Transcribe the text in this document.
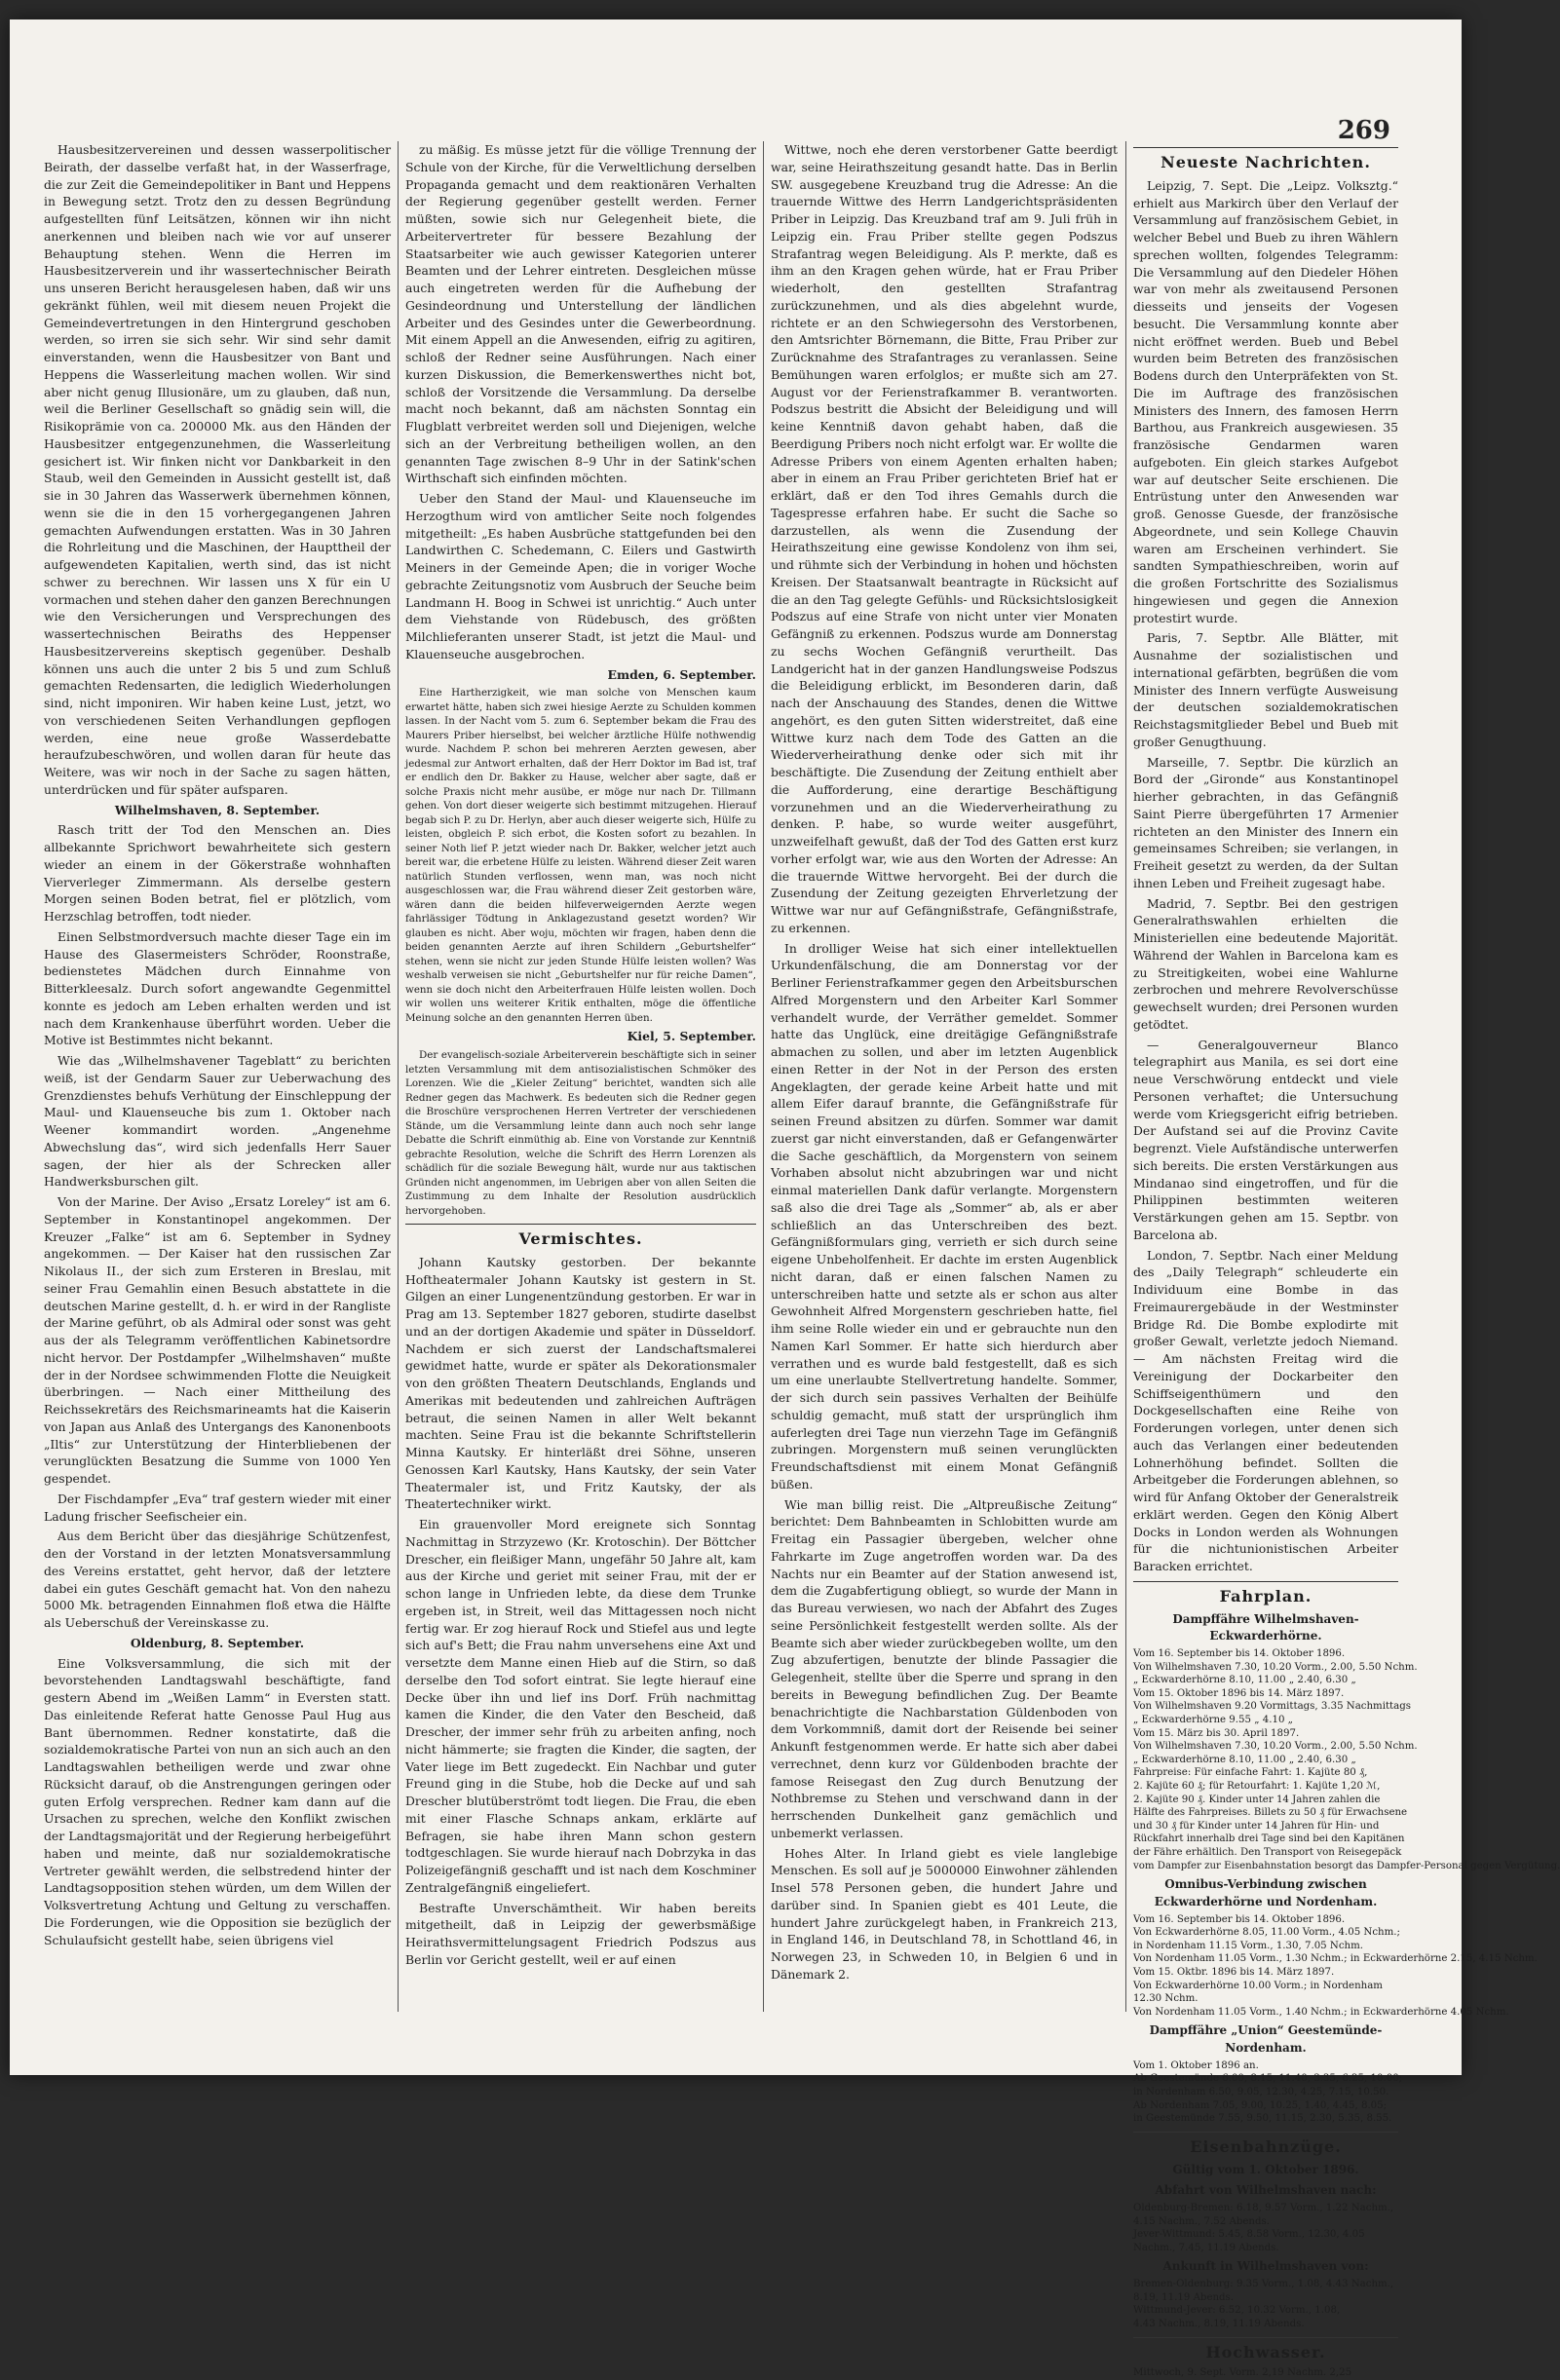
269

Hausbesitzervereinen und dessen wasserpolitischer Beirath, der dasselbe verfaßt hat, in der Wasserfrage, die zur Zeit die Gemeindepolitiker in Bant und Heppens in Bewegung setzt. Trotz den zu dessen Begründung aufgestellten fünf Leitsätzen, können wir ihn nicht anerkennen und bleiben nach wie vor auf unserer Behauptung stehen. Wenn die Herren im Hausbesitzerverein und ihr wassertechnischer Beirath uns unseren Bericht herausgelesen haben, daß wir uns gekränkt fühlen, weil mit diesem neuen Projekt die Gemeindevertretungen in den Hintergrund geschoben werden, so irren sie sich sehr. Wir sind sehr damit einverstanden, wenn die Hausbesitzer von Bant und Heppens die Wasserleitung machen wollen. Wir sind aber nicht genug Illusionäre, um zu glauben, daß nun, weil die Berliner Gesellschaft so gnädig sein will, die Risikoprämie von ca. 200000 Mk. aus den Händen der Hausbesitzer entgegenzunehmen, die Wasserleitung gesichert ist. Wir finken nicht vor Dankbarkeit in den Staub, weil den Gemeinden in Aussicht gestellt ist, daß sie in 30 Jahren das Wasserwerk übernehmen können, wenn sie die in den 15 vorhergegangenen Jahren gemachten Aufwendungen erstatten. Was in 30 Jahren die Rohrleitung und die Maschinen, der Haupttheil der aufgewendeten Kapitalien, werth sind, das ist nicht schwer zu berechnen. Wir lassen uns X für ein U vormachen und stehen daher den ganzen Berechnungen wie den Versicherungen und Versprechungen des wassertechnischen Beiraths des Heppenser Hausbesitzervereins skeptisch gegenüber. Deshalb können uns auch die unter 2 bis 5 und zum Schluß gemachten Redensarten, die lediglich Wiederholungen sind, nicht imponiren. Wir haben keine Lust, jetzt, wo von verschiedenen Seiten Verhandlungen gepflogen werden, eine neue große Wasserdebatte heraufzubeschwören, und wollen daran für heute das Weitere, was wir noch in der Sache zu sagen hätten, unterdrücken und für später aufsparen.

Wilhelmshaven, 8. September.

Rasch tritt der Tod den Menschen an. Dies allbekannte Sprichwort bewahrheitete sich gestern wieder an einem in der Gökerstraße wohnhaften Vierverleger Zimmermann. Als derselbe gestern Morgen seinen Boden betrat, fiel er plötzlich, vom Herzschlag betroffen, todt nieder.

Einen Selbstmordversuch machte dieser Tage ein im Hause des Glasermeisters Schröder, Roonstraße, bedienstetes Mädchen durch Einnahme von Bitterkleesalz. Durch sofort angewandte Gegenmittel konnte es jedoch am Leben erhalten werden und ist nach dem Krankenhause überführt worden. Ueber die Motive ist Bestimmtes nicht bekannt.

Wie das „Wilhelmshavener Tageblatt“ zu berichten weiß, ist der Gendarm Sauer zur Ueberwachung des Grenzdienstes behufs Verhütung der Einschleppung der Maul- und Klauenseuche bis zum 1. Oktober nach Weener kommandirt worden. „Angenehme Abwechslung das“, wird sich jedenfalls Herr Sauer sagen, der hier als der Schrecken aller Handwerksburschen gilt.

Von der Marine. Der Aviso „Ersatz Loreley“ ist am 6. September in Konstantinopel angekommen. Der Kreuzer „Falke“ ist am 6. September in Sydney angekommen. — Der Kaiser hat den russischen Zar Nikolaus II., der sich zum Ersteren in Breslau, mit seiner Frau Gemahlin einen Besuch abstattete in die deutschen Marine gestellt, d. h. er wird in der Rangliste der Marine geführt, ob als Admiral oder sonst was geht aus der als Telegramm veröffentlichen Kabinetsordre nicht hervor. Der Postdampfer „Wilhelmshaven“ mußte der in der Nordsee schwimmenden Flotte die Neuigkeit überbringen. — Nach einer Mittheilung des Reichssekretärs des Reichsmarineamts hat die Kaiserin von Japan aus Anlaß des Untergangs des Kanonenboots „Iltis“ zur Unterstützung der Hinterbliebenen der verunglückten Besatzung die Summe von 1000 Yen gespendet.

Der Fischdampfer „Eva“ traf gestern wieder mit einer Ladung frischer Seefischeier ein.

Aus dem Bericht über das diesjährige Schützenfest, den der Vorstand in der letzten Monatsversammlung des Vereins erstattet, geht hervor, daß der letztere dabei ein gutes Geschäft gemacht hat. Von den nahezu 5000 Mk. betragenden Einnahmen floß etwa die Hälfte als Ueberschuß der Vereinskasse zu.

Oldenburg, 8. September.

Eine Volksversammlung, die sich mit der bevorstehenden Landtagswahl beschäftigte, fand gestern Abend im „Weißen Lamm“ in Eversten statt. Das einleitende Referat hatte Genosse Paul Hug aus Bant übernommen. Redner konstatirte, daß die sozialdemokratische Partei von nun an sich auch an den Landtagswahlen betheiligen werde und zwar ohne Rücksicht darauf, ob die Anstrengungen geringen oder guten Erfolg versprechen. Redner kam dann auf die Ursachen zu sprechen, welche den Konflikt zwischen der Landtagsmajorität und der Regierung herbeigeführt haben und meinte, daß nur sozialdemokratische Vertreter gewählt werden, die selbstredend hinter der Landtagsopposition stehen würden, um dem Willen der Volksvertretung Achtung und Geltung zu verschaffen. Die Forderungen, wie die Opposition sie bezüglich der Schulaufsicht gestellt habe, seien übrigens viel

zu mäßig. Es müsse jetzt für die völlige Trennung der Schule von der Kirche, für die Verweltlichung derselben Propaganda gemacht und dem reaktionären Verhalten der Regierung gegenüber gestellt werden. Ferner müßten, sowie sich nur Gelegenheit biete, die Arbeitervertreter für bessere Bezahlung der Staatsarbeiter wie auch gewisser Kategorien unterer Beamten und der Lehrer eintreten. Desgleichen müsse auch eingetreten werden für die Aufhebung der Gesindeordnung und Unterstellung der ländlichen Arbeiter und des Gesindes unter die Gewerbeordnung. Mit einem Appell an die Anwesenden, eifrig zu agitiren, schloß der Redner seine Ausführungen. Nach einer kurzen Diskussion, die Bemerkenswerthes nicht bot, schloß der Vorsitzende die Versammlung. Da derselbe macht noch bekannt, daß am nächsten Sonntag ein Flugblatt verbreitet werden soll und Diejenigen, welche sich an der Verbreitung betheiligen wollen, an den genannten Tage zwischen 8–9 Uhr in der Satink'schen Wirthschaft sich einfinden möchten.

Ueber den Stand der Maul- und Klauenseuche im Herzogthum wird von amtlicher Seite noch folgendes mitgetheilt: „Es haben Ausbrüche stattgefunden bei den Landwirthen C. Schedemann, C. Eilers und Gastwirth Meiners in der Gemeinde Apen; die in voriger Woche gebrachte Zeitungsnotiz vom Ausbruch der Seuche beim Landmann H. Boog in Schwei ist unrichtig.“ Auch unter dem Viehstande von Rüdebusch, des größten Milchlieferanten unserer Stadt, ist jetzt die Maul- und Klauenseuche ausgebrochen.

Emden, 6. September.

Eine Hartherzigkeit, wie man solche von Menschen kaum erwartet hätte, haben sich zwei hiesige Aerzte zu Schulden kommen lassen. In der Nacht vom 5. zum 6. September bekam die Frau des Maurers Priber hierselbst, bei welcher ärztliche Hülfe nothwendig wurde. Nachdem P. schon bei mehreren Aerzten gewesen, aber jedesmal zur Antwort erhalten, daß der Herr Doktor im Bad ist, traf er endlich den Dr. Bakker zu Hause, welcher aber sagte, daß er solche Praxis nicht mehr ausübe, er möge nur nach Dr. Tillmann gehen. Von dort dieser weigerte sich bestimmt mitzugehen. Hierauf begab sich P. zu Dr. Herlyn, aber auch dieser weigerte sich, Hülfe zu leisten, obgleich P. sich erbot, die Kosten sofort zu bezahlen. In seiner Noth lief P. jetzt wieder nach Dr. Bakker, welcher jetzt auch bereit war, die erbetene Hülfe zu leisten. Während dieser Zeit waren natürlich Stunden verflossen, wenn man, was noch nicht ausgeschlossen war, die Frau während dieser Zeit gestorben wäre, wären dann die beiden hilfeverweigernden Aerzte wegen fahrlässiger Tödtung in Anklagezustand gesetzt worden? Wir glauben es nicht. Aber woju, möchten wir fragen, haben denn die beiden genannten Aerzte auf ihren Schildern „Geburtshelfer“ stehen, wenn sie nicht zur jeden Stunde Hülfe leisten wollen? Was weshalb verweisen sie nicht „Geburtshelfer nur für reiche Damen“, wenn sie doch nicht den Arbeiterfrauen Hülfe leisten wollen. Doch wir wollen uns weiterer Kritik enthalten, möge die öffentliche Meinung solche an den genannten Herren üben.

Kiel, 5. September.

Der evangelisch-soziale Arbeiterverein beschäftigte sich in seiner letzten Versammlung mit dem antisozialistischen Schmöker des Lorenzen. Wie die „Kieler Zeitung“ berichtet, wandten sich alle Redner gegen das Machwerk. Es bedeuten sich die Redner gegen die Broschüre versprochenen Herren Vertreter der verschiedenen Stände, um die Versammlung leinte dann auch noch sehr lange Debatte die Schrift einmüthig ab. Eine von Vorstande zur Kenntniß gebrachte Resolution, welche die Schrift des Herrn Lorenzen als schädlich für die soziale Bewegung hält, wurde nur aus taktischen Gründen nicht angenommen, im Uebrigen aber von allen Seiten die Zustimmung zu dem Inhalte der Resolution ausdrücklich hervorgehoben.

Vermischtes.

Johann Kautsky gestorben. Der bekannte Hoftheatermaler Johann Kautsky ist gestern in St. Gilgen an einer Lungenentzündung gestorben. Er war in Prag am 13. September 1827 geboren, studirte daselbst und an der dortigen Akademie und später in Düsseldorf. Nachdem er sich zuerst der Landschaftsmalerei gewidmet hatte, wurde er später als Dekorationsmaler von den größten Theatern Deutschlands, Englands und Amerikas mit bedeutenden und zahlreichen Aufträgen betraut, die seinen Namen in aller Welt bekannt machten. Seine Frau ist die bekannte Schriftstellerin Minna Kautsky. Er hinterläßt drei Söhne, unseren Genossen Karl Kautsky, Hans Kautsky, der sein Vater Theatermaler ist, und Fritz Kautsky, der als Theatertechniker wirkt.

Ein grauenvoller Mord ereignete sich Sonntag Nachmittag in Strzyzewo (Kr. Krotoschin). Der Böttcher Drescher, ein fleißiger Mann, ungefähr 50 Jahre alt, kam aus der Kirche und geriet mit seiner Frau, mit der er schon lange in Unfrieden lebte, da diese dem Trunke ergeben ist, in Streit, weil das Mittagessen noch nicht fertig war. Er zog hierauf Rock und Stiefel aus und legte sich auf's Bett; die Frau nahm unversehens eine Axt und versetzte dem Manne einen Hieb auf die Stirn, so daß derselbe den Tod sofort eintrat. Sie legte hierauf eine Decke über ihn und lief ins Dorf. Früh nachmittag kamen die Kinder, die den Vater den Bescheid, daß Drescher, der immer sehr früh zu arbeiten anfing, noch nicht hämmerte; sie fragten die Kinder, die sagten, der Vater liege im Bett zugedeckt. Ein Nachbar und guter Freund ging in die Stube, hob die Decke auf und sah Drescher blutüberströmt todt liegen. Die Frau, die eben mit einer Flasche Schnaps ankam, erklärte auf Befragen, sie habe ihren Mann schon gestern todtgeschlagen. Sie wurde hierauf nach Dobrzyka in das Polizeigefängniß geschafft und ist nach dem Koschminer Zentralgefängniß eingeliefert.

Bestrafte Unverschämtheit. Wir haben bereits mitgetheilt, daß in Leipzig der gewerbsmäßige Heirathsvermittelungsagent Friedrich Podszus aus Berlin vor Gericht gestellt, weil er auf einen

Wittwe, noch ehe deren verstorbener Gatte beerdigt war, seine Heirathszeitung gesandt hatte. Das in Berlin SW. ausgegebene Kreuzband trug die Adresse: An die trauernde Wittwe des Herrn Landgerichtspräsidenten Priber in Leipzig. Das Kreuzband traf am 9. Juli früh in Leipzig ein. Frau Priber stellte gegen Podszus Strafantrag wegen Beleidigung. Als P. merkte, daß es ihm an den Kragen gehen würde, hat er Frau Priber wiederholt, den gestellten Strafantrag zurückzunehmen, und als dies abgelehnt wurde, richtete er an den Schwiegersohn des Verstorbenen, den Amtsrichter Börnemann, die Bitte, Frau Priber zur Zurücknahme des Strafantrages zu veranlassen. Seine Bemühungen waren erfolglos; er mußte sich am 27. August vor der Ferienstrafkammer B. verantworten. Podszus bestritt die Absicht der Beleidigung und will keine Kenntniß davon gehabt haben, daß die Beerdigung Pribers noch nicht erfolgt war. Er wollte die Adresse Pribers von einem Agenten erhalten haben; aber in einem an Frau Priber gerichteten Brief hat er erklärt, daß er den Tod ihres Gemahls durch die Tagespresse erfahren habe. Er sucht die Sache so darzustellen, als wenn die Zusendung der Heirathszeitung eine gewisse Kondolenz von ihm sei, und rühmte sich der Verbindung in hohen und höchsten Kreisen. Der Staatsanwalt beantragte in Rücksicht auf die an den Tag gelegte Gefühls- und Rücksichtslosigkeit Podszus auf eine Strafe von nicht unter vier Monaten Gefängniß zu erkennen. Podszus wurde am Donnerstag zu sechs Wochen Gefängniß verurtheilt. Das Landgericht hat in der ganzen Handlungsweise Podszus die Beleidigung erblickt, im Besonderen darin, daß nach der Anschauung des Standes, denen die Wittwe angehört, es den guten Sitten widerstreitet, daß eine Wittwe kurz nach dem Tode des Gatten an die Wiederverheirathung denke oder sich mit ihr beschäftigte. Die Zusendung der Zeitung enthielt aber die Aufforderung, eine derartige Beschäftigung vorzunehmen und an die Wiederverheirathung zu denken. P. habe, so wurde weiter ausgeführt, unzweifelhaft gewußt, daß der Tod des Gatten erst kurz vorher erfolgt war, wie aus den Worten der Adresse: An die trauernde Wittwe hervorgeht. Bei der durch die Zusendung der Zeitung gezeigten Ehrverletzung der Wittwe war nur auf Gefängnißstrafe, Gefängnißstrafe, zu erkennen.

In drolliger Weise hat sich einer intellektuellen Urkundenfälschung, die am Donnerstag vor der Berliner Ferienstrafkammer gegen den Arbeitsburschen Alfred Morgenstern und den Arbeiter Karl Sommer verhandelt wurde, der Verräther gemeldet. Sommer hatte das Unglück, eine dreitägige Gefängnißstrafe abmachen zu sollen, und aber im letzten Augenblick einen Retter in der Not in der Person des ersten Angeklagten, der gerade keine Arbeit hatte und mit allem Eifer darauf brannte, die Gefängnißstrafe für seinen Freund absitzen zu dürfen. Sommer war damit zuerst gar nicht einverstanden, daß er Gefangenwärter die Sache geschäftlich, da Morgenstern von seinem Vorhaben absolut nicht abzubringen war und nicht einmal materiellen Dank dafür verlangte. Morgenstern saß also die drei Tage als „Sommer“ ab, als er aber schließlich an das Unterschreiben des bezt. Gefängnißformulars ging, verrieth er sich durch seine eigene Unbeholfenheit. Er dachte im ersten Augenblick nicht daran, daß er einen falschen Namen zu unterschreiben hatte und setzte als er schon aus alter Gewohnheit Alfred Morgenstern geschrieben hatte, fiel ihm seine Rolle wieder ein und er gebrauchte nun den Namen Karl Sommer. Er hatte sich hierdurch aber verrathen und es wurde bald festgestellt, daß es sich um eine unerlaubte Stellvertretung handelte. Sommer, der sich durch sein passives Verhalten der Beihülfe schuldig gemacht, muß statt der ursprünglich ihm auferlegten drei Tage nun vierzehn Tage im Gefängniß zubringen. Morgenstern muß seinen verunglückten Freundschaftsdienst mit einem Monat Gefängniß büßen.

Wie man billig reist. Die „Altpreußische Zeitung“ berichtet: Dem Bahnbeamten in Schlobitten wurde am Freitag ein Passagier übergeben, welcher ohne Fahrkarte im Zuge angetroffen worden war. Da des Nachts nur ein Beamter auf der Station anwesend ist, dem die Zugabfertigung obliegt, so wurde der Mann in das Bureau verwiesen, wo nach der Abfahrt des Zuges seine Persönlichkeit festgestellt werden sollte. Als der Beamte sich aber wieder zurückbegeben wollte, um den Zug abzufertigen, benutzte der blinde Passagier die Gelegenheit, stellte über die Sperre und sprang in den bereits in Bewegung befindlichen Zug. Der Beamte benachrichtigte die Nachbarstation Güldenboden von dem Vorkommniß, damit dort der Reisende bei seiner Ankunft festgenommen werde. Er hatte sich aber dabei verrechnet, denn kurz vor Güldenboden brachte der famose Reisegast den Zug durch Benutzung der Nothbremse zu Stehen und verschwand dann in der herrschenden Dunkelheit ganz gemächlich und unbemerkt verlassen.

Hohes Alter. In Irland giebt es viele langlebige Menschen. Es soll auf je 5000000 Einwohner zählenden Insel 578 Personen geben, die hundert Jahre und darüber sind. In Spanien giebt es 401 Leute, die hundert Jahre zurückgelegt haben, in Frankreich 213, in England 146, in Deutschland 78, in Schottland 46, in Norwegen 23, in Schweden 10, in Belgien 6 und in Dänemark 2.

Neueste Nachrichten.

Leipzig, 7. Sept. Die „Leipz. Volksztg.“ erhielt aus Markirch über den Verlauf der Versammlung auf französischem Gebiet, in welcher Bebel und Bueb zu ihren Wählern sprechen wollten, folgendes Telegramm: Die Versammlung auf den Diedeler Höhen war von mehr als zweitausend Personen diesseits und jenseits der Vogesen besucht. Die Versammlung konnte aber nicht eröffnet werden. Bueb und Bebel wurden beim Betreten des französischen Bodens durch den Unterpräfekten von St. Die im Auftrage des französischen Ministers des Innern, des famosen Herrn Barthou, aus Frankreich ausgewiesen. 35 französische Gendarmen waren aufgeboten. Ein gleich starkes Aufgebot war auf deutscher Seite erschienen. Die Entrüstung unter den Anwesenden war groß. Genosse Guesde, der französische Abgeordnete, und sein Kollege Chauvin waren am Erscheinen verhindert. Sie sandten Sympathieschreiben, worin auf die großen Fortschritte des Sozialismus hingewiesen und gegen die Annexion protestirt wurde.

Paris, 7. Septbr. Alle Blätter, mit Ausnahme der sozialistischen und international gefärbten, begrüßen die vom Minister des Innern verfügte Ausweisung der deutschen sozialdemokratischen Reichstagsmitglieder Bebel und Bueb mit großer Genugthuung.

Marseille, 7. Septbr. Die kürzlich an Bord der „Gironde“ aus Konstantinopel hierher gebrachten, in das Gefängniß Saint Pierre übergeführten 17 Armenier richteten an den Minister des Innern ein gemeinsames Schreiben; sie verlangen, in Freiheit gesetzt zu werden, da der Sultan ihnen Leben und Freiheit zugesagt habe.

Madrid, 7. Septbr. Bei den gestrigen Generalrathswahlen erhielten die Ministeriellen eine bedeutende Majorität. Während der Wahlen in Barcelona kam es zu Streitigkeiten, wobei eine Wahlurne zerbrochen und mehrere Revolverschüsse gewechselt wurden; drei Personen wurden getödtet.

— Generalgouverneur Blanco telegraphirt aus Manila, es sei dort eine neue Verschwörung entdeckt und viele Personen verhaftet; die Untersuchung werde vom Kriegsgericht eifrig betrieben. Der Aufstand sei auf die Provinz Cavite begrenzt. Viele Aufständische unterwerfen sich bereits. Die ersten Verstärkungen aus Mindanao sind eingetroffen, und für die Philippinen bestimmten weiteren Verstärkungen gehen am 15. Septbr. von Barcelona ab.

London, 7. Septbr. Nach einer Meldung des „Daily Telegraph“ schleuderte ein Individuum eine Bombe in das Freimaurergebäude in der Westminster Bridge Rd. Die Bombe explodirte mit großer Gewalt, verletzte jedoch Niemand. — Am nächsten Freitag wird die Vereinigung der Dockarbeiter den Schiffseigenthümern und den Dockgesellschaften eine Reihe von Forderungen vorlegen, unter denen sich auch das Verlangen einer bedeutenden Lohnerhöhung befindet. Sollten die Arbeitgeber die Forderungen ablehnen, so wird für Anfang Oktober der Generalstreik erklärt werden. Gegen den König Albert Docks in London werden als Wohnungen für die nichtunionistischen Arbeiter Baracken errichtet.

Fahrplan.
Dampffähre Wilhelmshaven-Eckwarderhörne.

Vom 16. September bis 14. Oktober 1896.

Von Wilhelmshaven 7.30, 10.20 Vorm., 2.00, 5.50 Nchm.

„ Eckwarderhörne 8.10, 11.00 „ 2.40, 6.30 „

Vom 15. Oktober 1896 bis 14. März 1897.

Von Wilhelmshaven 9.20 Vormittags, 3.35 Nachmittags

„ Eckwarderhörne 9.55 „ 4.10 „

Vom 15. März bis 30. April 1897.

Von Wilhelmshaven 7.30, 10.20 Vorm., 2.00, 5.50 Nchm.

„ Eckwarderhörne 8.10, 11.00 „ 2.40, 6.30 „

Fahrpreise: Für einfache Fahrt: 1. Kajüte 80 ₰,

2. Kajüte 60 ₰; für Retourfahrt: 1. Kajüte 1,20 ℳ,

2. Kajüte 90 ₰. Kinder unter 14 Jahren zahlen die

Hälfte des Fahrpreises. Billets zu 50 ₰ für Erwachsene

und 30 ₰ für Kinder unter 14 Jahren für Hin- und

Rückfahrt innerhalb drei Tage sind bei den Kapitänen

der Fähre erhältlich. Den Transport von Reisegepäck

vom Dampfer zur Eisenbahnstation besorgt das Dampfer-Personal gegen Vergütung.

Omnibus-Verbindung zwischen Eckwarderhörne und Nordenham.

Vom 16. September bis 14. Oktober 1896.

Von Eckwarderhörne 8.05, 11.00 Vorm., 4.05 Nchm.;

in Nordenham 11.15 Vorm., 1.30, 7.05 Nchm.

Von Nordenham 11.05 Vorm., 1.30 Nchm.; in Eckwarderhörne 2.15, 4.15 Nchm.

Vom 15. Oktbr. 1896 bis 14. März 1897.

Von Eckwarderhörne 10.00 Vorm.; in Nordenham

12.30 Nchm.

Von Nordenham 11.05 Vorm., 1.40 Nchm.; in Eckwarderhörne 4.05 Nchm.

Dampffähre „Union“ Geestemünde-Nordenham.

Vom 1. Oktober 1896 an.

Ab Geestemünde 6.00, 8.15, 11.40, 3.35, 6.25, 10.00;

in Nordenham 6.50, 9.05, 12.30, 4.25, 7.15, 10.50.

Ab Nordenham 7.05, 9.00, 10.25, 1.40, 4.45, 8.05;

in Geestemünde 7.55, 9.50, 11.15, 2.30, 5.35, 8.55.

Eisenbahnzüge.
Gültig vom 1. Oktober 1896.
Abfahrt von Wilhelmshaven nach:

Oldenburg-Bremen: 6.18, 9.57 Vorm., 1.22 Nachm.,

4.15 Nachm., 7.52 Abends.

Jever-Wittmund: 5.45, 8.58 Vorm., 12.30, 4.05

Nachm., 7.45, 11.19 Abends.

Ankunft in Wilhelmshaven von:

Bremen-Oldenburg: 9.35 Vorm., 1.08, 4.43 Nachm.,

8.19, 11.19 Abends.

Wittmund-Jever: 6.52, 10.32 Vorm., 1.08,

4.43 Nachm., 8.19, 11.19 Abends.

Hochwasser.

Mittwoch, 9. Sept. Vorm. 2,19 Nachm. 2,25
